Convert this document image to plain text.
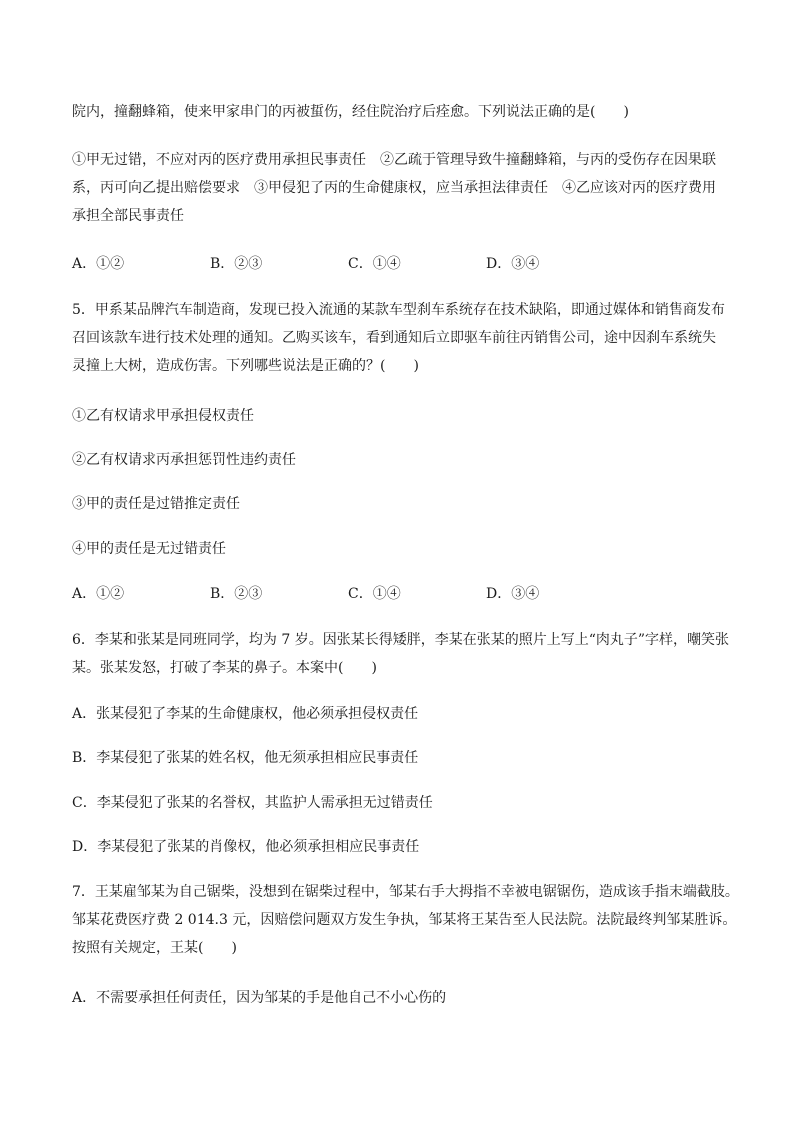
院内，撞翻蜂箱，使来甲家串门的丙被蜇伤，经住院治疗后痊愈。下列说法正确的是(　　)

①甲无过错，不应对丙的医疗费用承担民事责任　②乙疏于管理导致牛撞翻蜂箱，与丙的受伤存在因果联
系，丙可向乙提出赔偿要求　③甲侵犯了丙的生命健康权，应当承担法律责任　④乙应该对丙的医疗费用
承担全部民事责任

A．①②	B．②③	C．①④	D．③④

5．甲系某品牌汽车制造商，发现已投入流通的某款车型刹车系统存在技术缺陷，即通过媒体和销售商发布
召回该款车进行技术处理的通知。乙购买该车，看到通知后立即驱车前往丙销售公司，途中因刹车系统失
灵撞上大树，造成伤害。下列哪些说法是正确的？(　　)

①乙有权请求甲承担侵权责任

②乙有权请求丙承担惩罚性违约责任

③甲的责任是过错推定责任

④甲的责任是无过错责任

A．①②	B．②③	C．①④	D．③④

6．李某和张某是同班同学，均为 7 岁。因张某长得矮胖，李某在张某的照片上写上“肉丸子”字样，嘲笑张
某。张某发怒，打破了李某的鼻子。本案中(　　)

A．张某侵犯了李某的生命健康权，他必须承担侵权责任

B．李某侵犯了张某的姓名权，他无须承担相应民事责任

C．李某侵犯了张某的名誉权，其监护人需承担无过错责任

D．李某侵犯了张某的肖像权，他必须承担相应民事责任

7．王某雇邹某为自己锯柴，没想到在锯柴过程中，邹某右手大拇指不幸被电锯锯伤，造成该手指末端截肢。
邹某花费医疗费 2 014.3 元，因赔偿问题双方发生争执，邹某将王某告至人民法院。法院最终判邹某胜诉。
按照有关规定，王某(　　)

A．不需要承担任何责任，因为邹某的手是他自己不小心伤的
